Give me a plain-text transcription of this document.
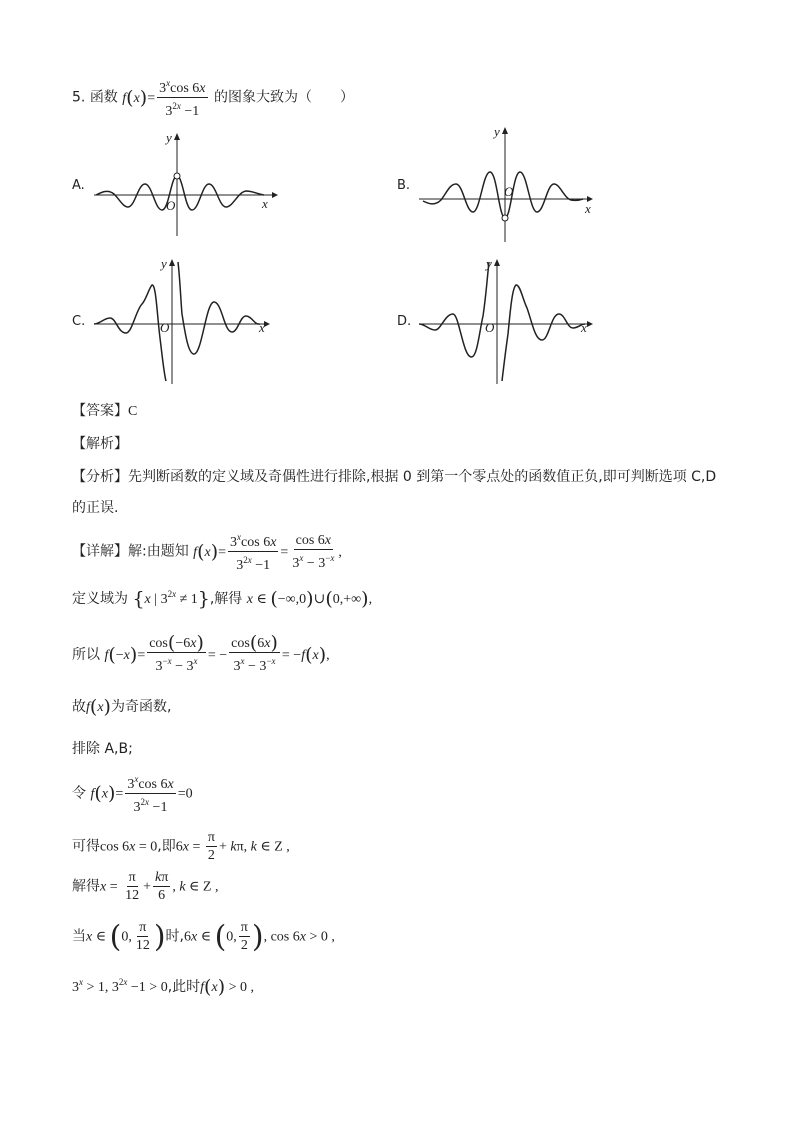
5. 函数 $f(x)= \frac{3^x\cos 6x}{3^{2x} -1}$ 的图象大致为（　　）
A.
y
x
O
B.
y
x
O
C.
y
x
O	D.
y
x
O
【答案】C
【解析】
【分析】先判断函数的定义域及奇偶性进行排除,根据 0 到第一个零点处的函数值正负,即可判断选项 C,D
的正误.
【详解】解:由题知 $f(x)= \frac{3^x\cos 6x}{3^{2x} -1} = \frac{\cos 6x}{3^x - 3^{-x}}$ ,
定义域为 {x | $3^{2x} \ne 1$},解得 x ∈ (−∞,0)∪(0,+∞),
所以 $f(-x)= \frac{\cos(-6x)}{3^{-x} - 3^x}$ = − $\frac{\cos(6x)}{3^x - 3^{-x}} = -f(x)$,
故f(x)为奇函数,
排除 A,B;
令 $f(x)= \frac{3^x\cos 6x}{3^{2x} -1} =0$
可得cos 6x = 0,即$6x = \frac{\pi}{2} + k\pi$, k ∈ Z ,
解得$x = \frac{\pi}{12} + \frac{k\pi}{6}$ , k ∈ Z ,
当x ∈ (0, $\frac{\pi}{12}$ )时,6x ∈ (0, $\frac{\pi}{2}$ ), cos 6x > 0 ,
$3^x > 1$, $3^{2x} -1 > 0$,此时f(x) > 0 ,
